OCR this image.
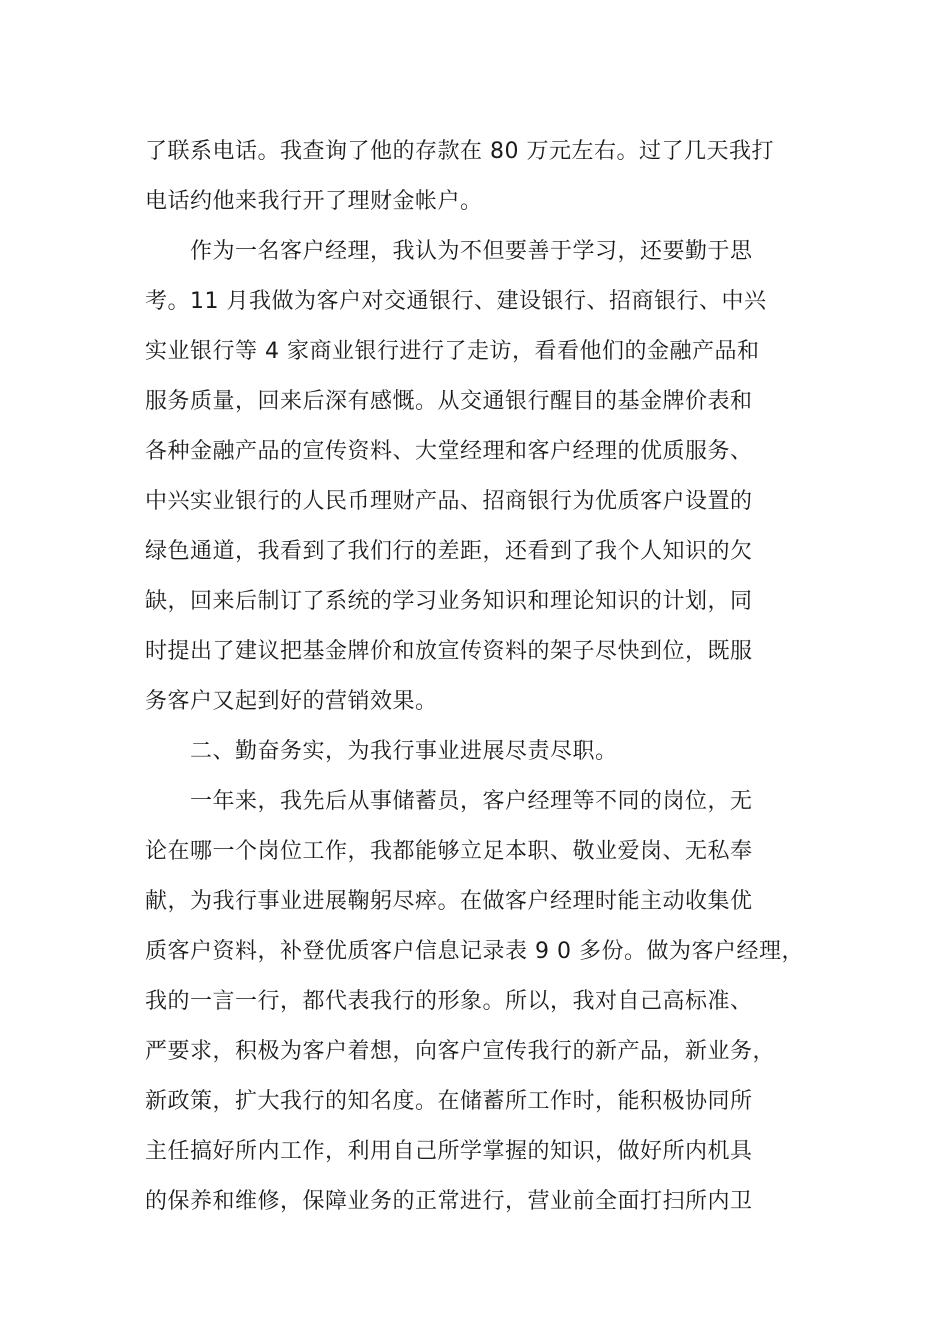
了联系电话。我查询了他的存款在 80 万元左右。过了几天我打
电话约他来我行开了理财金帐户。
　　作为一名客户经理，我认为不但要善于学习，还要勤于思
考。11 月我做为客户对交通银行、建设银行、招商银行、中兴
实业银行等 4 家商业银行进行了走访，看看他们的金融产品和
服务质量，回来后深有感慨。从交通银行醒目的基金牌价表和
各种金融产品的宣传资料、大堂经理和客户经理的优质服务、
中兴实业银行的人民币理财产品、招商银行为优质客户设置的
绿色通道，我看到了我们行的差距，还看到了我个人知识的欠
缺，回来后制订了系统的学习业务知识和理论知识的计划，同
时提出了建议把基金牌价和放宣传资料的架子尽快到位，既服
务客户又起到好的营销效果。
　　二、勤奋务实，为我行事业进展尽责尽职。
　　一年来，我先后从事储蓄员，客户经理等不同的岗位，无
论在哪一个岗位工作，我都能够立足本职、敬业爱岗、无私奉
献，为我行事业进展鞠躬尽瘁。在做客户经理时能主动收集优
质客户资料，补登优质客户信息记录表 9 0 多份。做为客户经理，
我的一言一行，都代表我行的形象。所以，我对自己高标准、
严要求，积极为客户着想，向客户宣传我行的新产品，新业务，
新政策，扩大我行的知名度。在储蓄所工作时，能积极协同所
主任搞好所内工作，利用自己所学掌握的知识，做好所内机具
的保养和维修，保障业务的正常进行，营业前全面打扫所内卫
